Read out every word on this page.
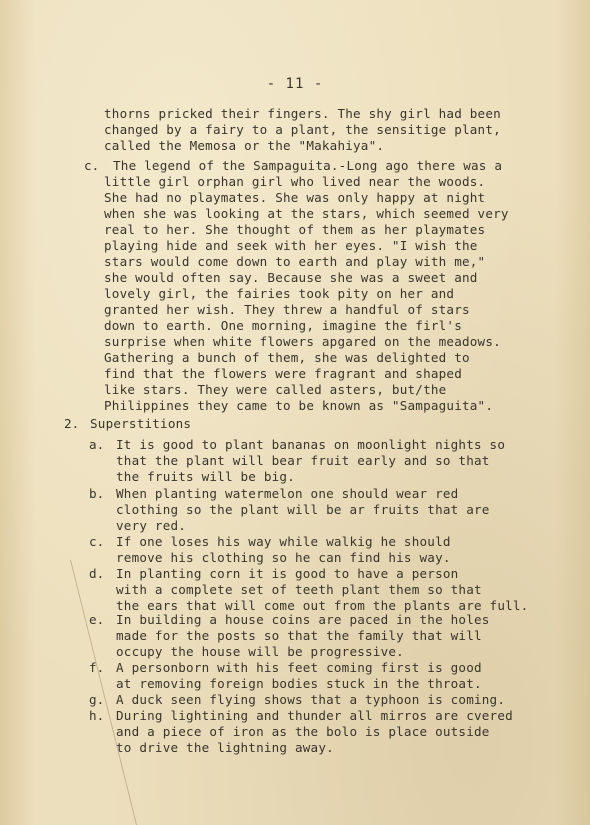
- 11 -
thorns pricked their fingers. The shy girl had been
changed by a fairy to a plant, the sensitige plant,
called the Memosa or the "Makahiya".
c. The legend of the Sampaguita.-Long ago there was a
little girl orphan girl who lived near the woods.
She had no playmates. She was only happy at night
when she was looking at the stars, which seemed very
real to her. She thought of them as her playmates
playing hide and seek with her eyes. "I wish the
stars would come down to earth and play with me,"
she would often say. Because she was a sweet and
lovely girl, the fairies took pity on her and
granted her wish. They threw a handful of stars
down to earth. One morning, imagine the firl's
surprise when white flowers apgared on the meadows.
Gathering a bunch of them, she was delighted to
find that the flowers were fragrant and shaped
like stars. They were called asters, but/the
Philippines they came to be known as "Sampaguita".
2. Superstitions
a. It is good to plant bananas on moonlight nights so
that the plant will bear fruit early and so that
the fruits will be big.
b. When planting watermelon one should wear red
clothing so the plant will be ar fruits that are
very red.
c. If one loses his way while walkig he should
remove his clothing so he can find his way.
d. In planting corn it is good to have a person
with a complete set of teeth plant them so that
the ears that will come out from the plants are full.
e. In building a house coins are paced in the holes
made for the posts so that the family that will
occupy the house will be progressive.
f. A personborn with his feet coming first is good
at removing foreign bodies stuck in the throat.
g. A duck seen flying shows that a typhoon is coming.
h. During lightining and thunder all mirros are cvered
and a piece of iron as the bolo is place outside
to drive the lightning away.
